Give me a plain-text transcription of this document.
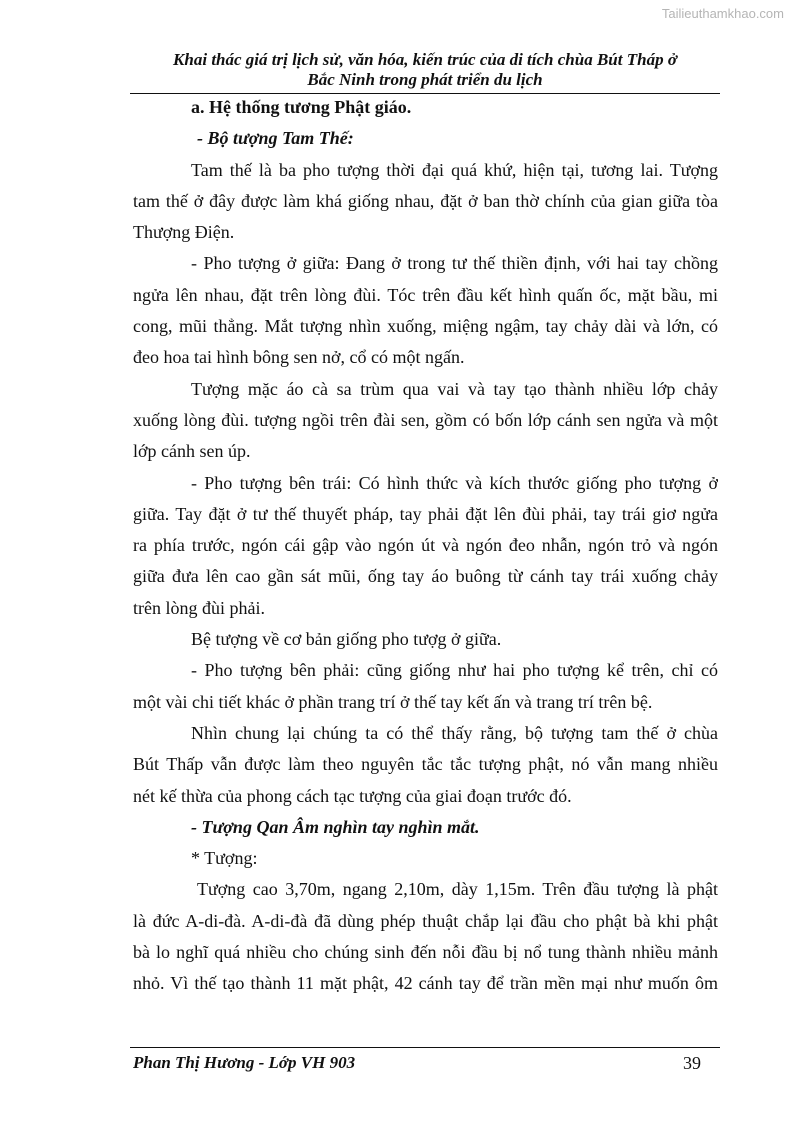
Tailieuthamkhao.com
Khai thác giá trị lịch sử, văn hóa, kiến trúc của di tích chùa Bút Tháp ở
Bắc Ninh trong phát triển du lịch
a. Hệ thống tương Phật giáo.
- Bộ tượng Tam Thế:
Tam thế là ba pho tượng thời đại quá khứ, hiện tại, tương lai. Tượng
tam thế ở đây được làm khá giống nhau, đặt ở ban thờ chính của gian giữa tòa
Thượng Điện.
- Pho tượng ở giữa: Đang ở trong tư thế thiền định, với hai tay chồng
ngửa lên nhau, đặt trên lòng đùi. Tóc trên đầu kết hình quấn ốc, mặt bầu, mi
cong, mũi thẳng. Mắt tượng nhìn xuống, miệng ngậm, tay chảy dài và lớn, có
đeo hoa tai hình bông sen nở, cổ có một ngấn.
Tượng mặc áo cà sa trùm qua vai và tay tạo thành nhiều lớp chảy
xuống lòng đùi. tượng ngồi trên đài sen, gồm có bốn lớp cánh sen ngửa và một
lớp cánh sen úp.
- Pho tượng bên trái: Có hình thức và kích thước giống pho tượng ở
giữa. Tay đặt ở tư thế thuyết pháp, tay phải đặt lên đùi phải, tay trái giơ ngửa
ra phía trước, ngón cái gập vào ngón út và ngón đeo nhẫn, ngón trỏ và ngón
giữa đưa lên cao gần sát mũi, ống tay áo buông từ cánh tay trái xuống chảy
trên lòng đùi phải.
Bệ tượng về cơ bản giống pho tượg ở giữa.
- Pho tượng bên phải: cũng giống như hai pho tượng kể trên, chỉ có
một vài chi tiết khác ở phần trang trí ở thế tay kết ấn và trang trí trên bệ.
Nhìn chung lại chúng ta có thể thấy rằng, bộ tượng tam thế ở chùa
Bút Thấp vẫn được làm theo nguyên tắc tắc tượng phật, nó vẫn mang nhiều
nét kế thừa của phong cách tạc tượng của giai đoạn trước đó.
- Tượng Qan Âm nghìn tay nghìn mắt.
* Tượng:
Tượng cao 3,70m, ngang 2,10m, dày 1,15m. Trên đầu tượng là phật
là đức A-di-đà. A-di-đà đã dùng phép thuật chắp lại đầu cho phật bà khi phật
bà lo nghĩ quá nhiều cho chúng sinh đến nỗi đầu bị nổ tung thành nhiều mảnh
nhỏ. Vì thế tạo thành 11 mặt phật, 42 cánh tay để trần mền mại như muốn ôm
Phan Thị Hương - Lớp VH 903	39
